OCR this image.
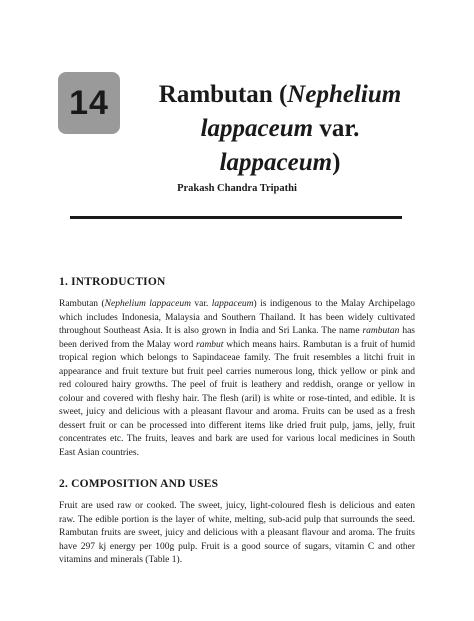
14	Rambutan (Nephelium
lappaceum var. lappaceum)
Prakash Chandra Tripathi
1. INTRODUCTION

Rambutan (Nephelium lappaceum var. lappaceum) is indigenous to the Malay Archipelago which includes Indonesia, Malaysia and Southern Thailand. It has been widely cultivated throughout Southeast Asia. It is also grown in India and Sri Lanka. The name rambutan has been derived from the Malay word rambut which means hairs. Rambutan is a fruit of humid tropical region which belongs to Sapindaceae family. The fruit resembles a litchi fruit in appearance and fruit texture but fruit peel carries numerous long, thick yellow or pink and red coloured hairy growths. The peel of fruit is leathery and reddish, orange or yellow in colour and covered with fleshy hair. The flesh (aril) is white or rose-tinted, and edible. It is sweet, juicy and delicious with a pleasant flavour and aroma. Fruits can be used as a fresh dessert fruit or can be processed into different items like dried fruit pulp, jams, jelly, fruit concentrates etc. The fruits, leaves and bark are used for various local medicines in South East Asian countries.

2. COMPOSITION AND USES

Fruit are used raw or cooked. The sweet, juicy, light-coloured flesh is delicious and eaten raw. The edible portion is the layer of white, melting, sub-acid pulp that surrounds the seed. Rambutan fruits are sweet, juicy and delicious with a pleasant flavour and aroma. The fruits have 297 kj energy per 100g pulp. Fruit is a good source of sugars, vitamin C and other vitamins and minerals (Table 1).
